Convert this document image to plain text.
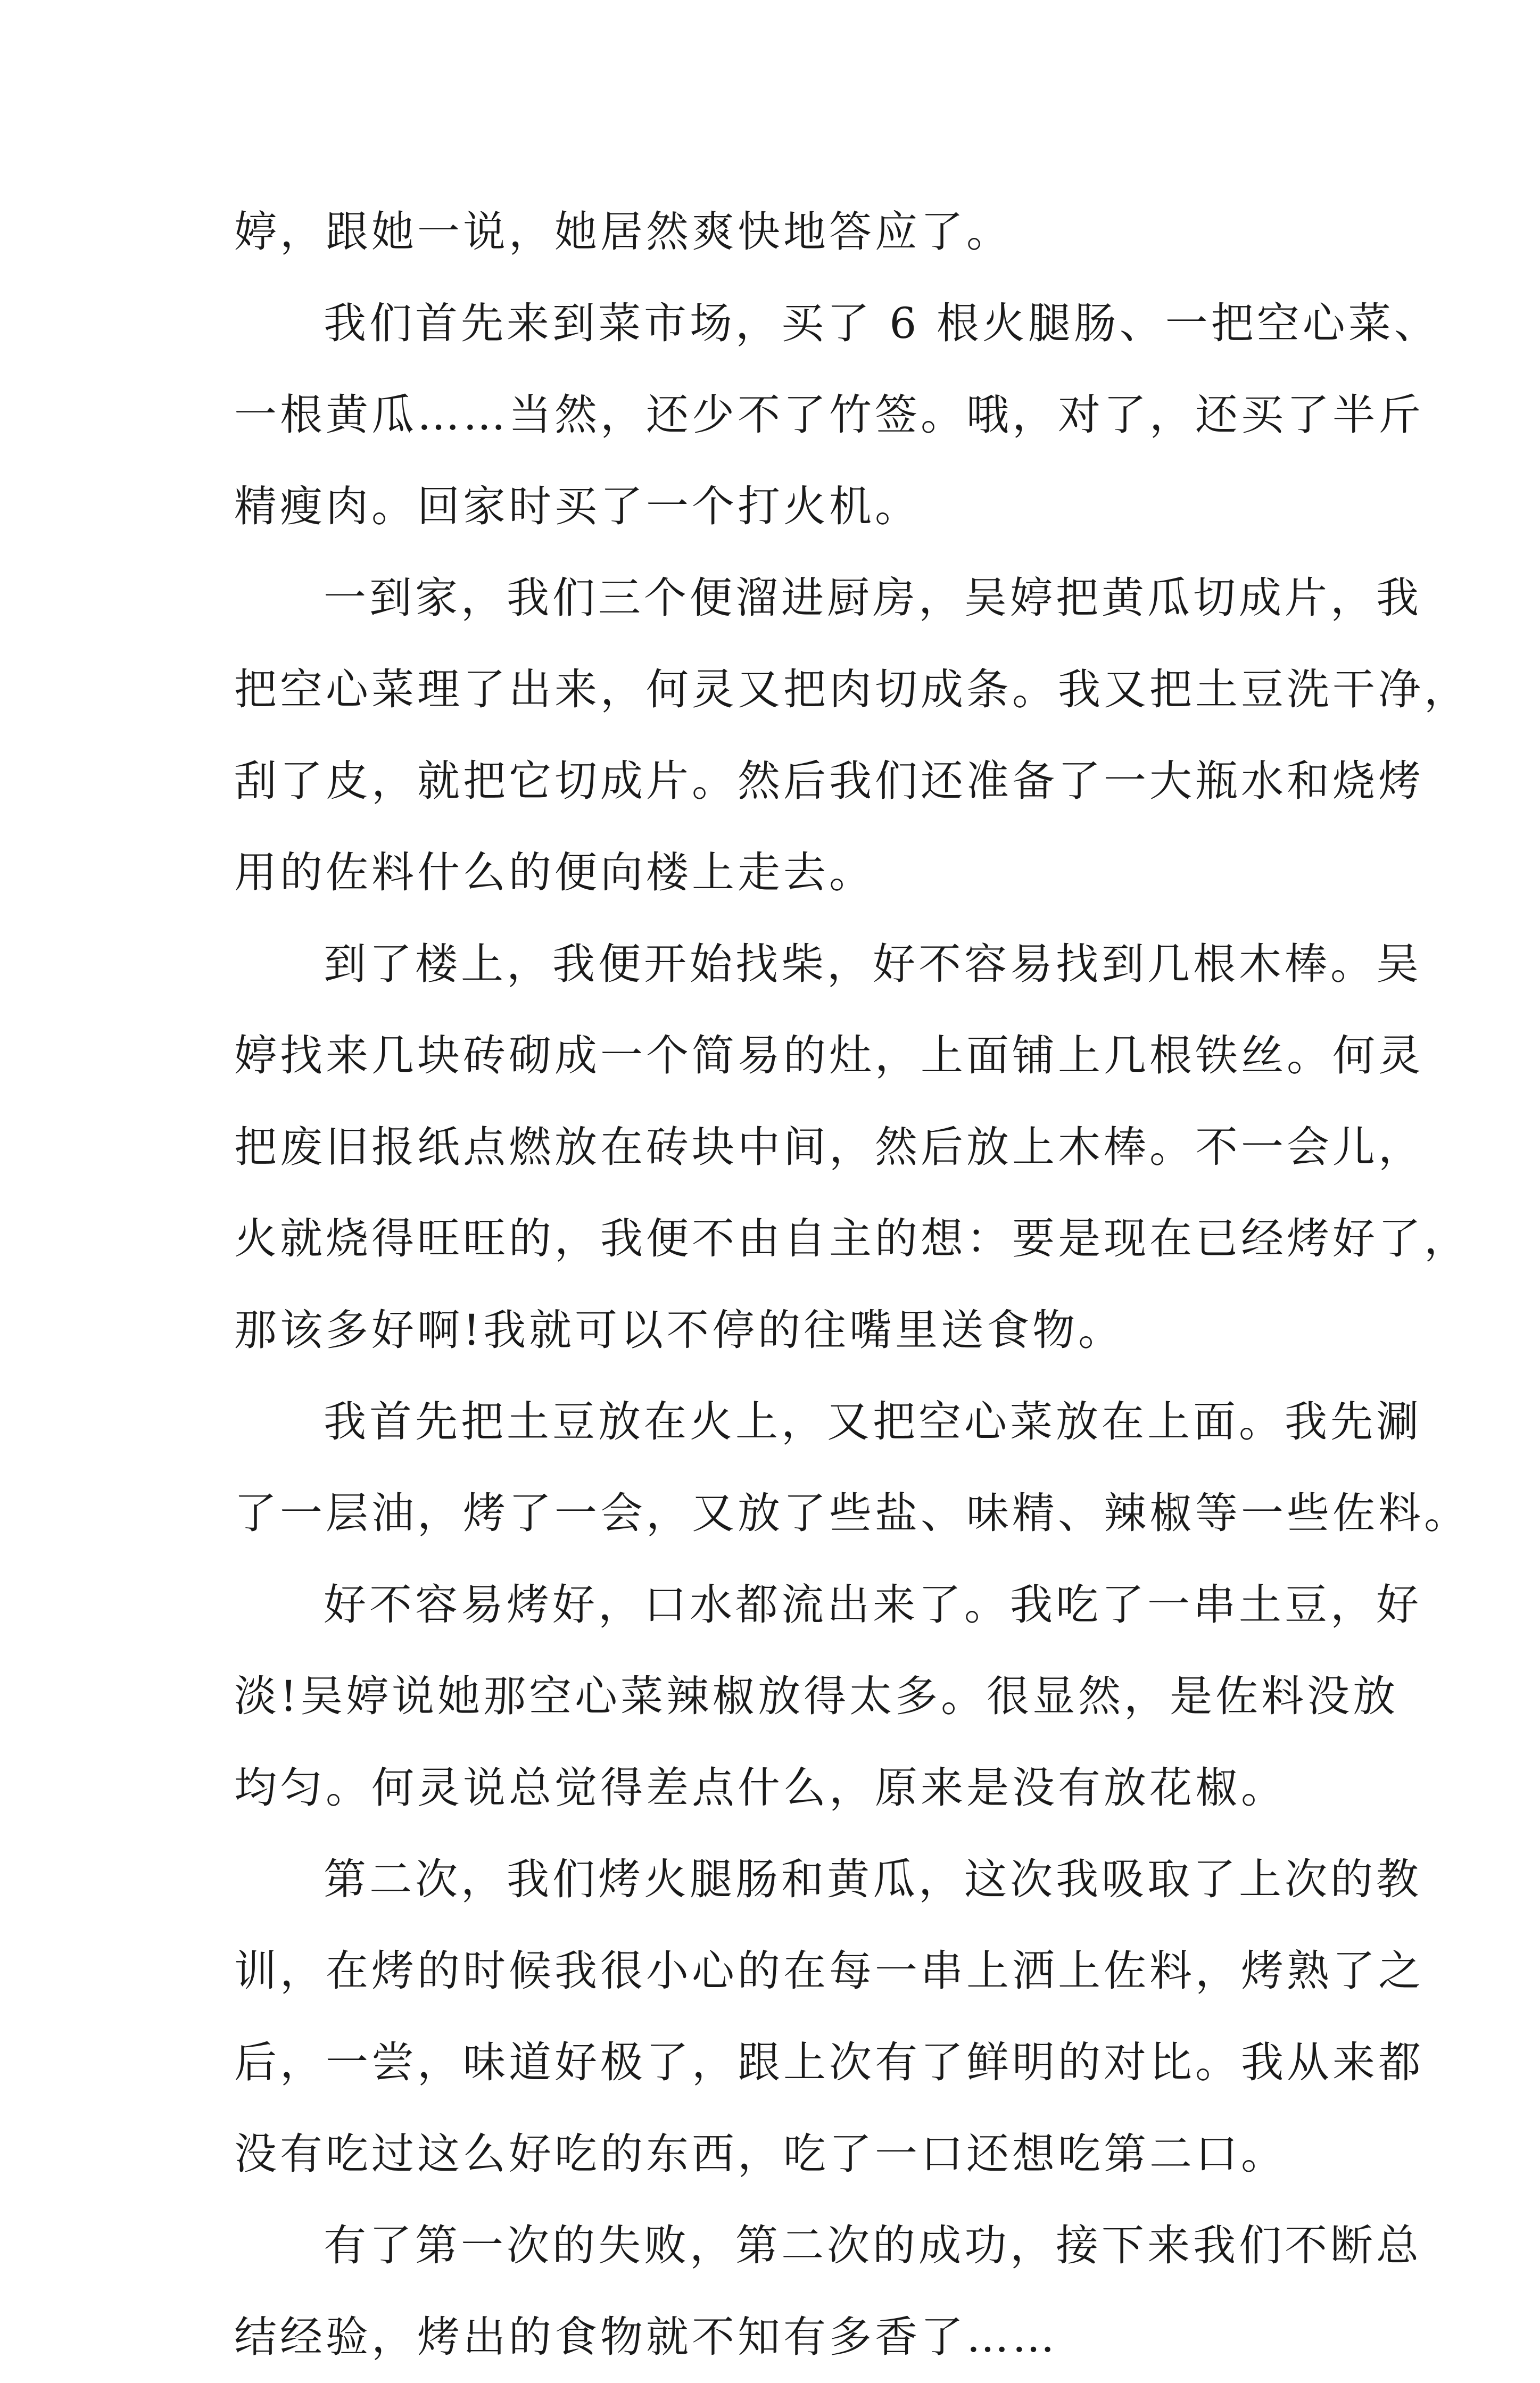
婷，跟她一说，她居然爽快地答应了。
我们首先来到菜市场，买了 6 根火腿肠、一把空心菜、
一根黄瓜……当然，还少不了竹签。哦，对了，还买了半斤
精瘦肉。回家时买了一个打火机。
一到家，我们三个便溜进厨房，吴婷把黄瓜切成片，我
把空心菜理了出来，何灵又把肉切成条。我又把土豆洗干净，
刮了皮，就把它切成片。然后我们还准备了一大瓶水和烧烤
用的佐料什么的便向楼上走去。
到了楼上，我便开始找柴，好不容易找到几根木棒。吴
婷找来几块砖砌成一个简易的灶，上面铺上几根铁丝。何灵
把废旧报纸点燃放在砖块中间，然后放上木棒。不一会儿，
火就烧得旺旺的，我便不由自主的想：要是现在已经烤好了，
那该多好啊!我就可以不停的往嘴里送食物。
我首先把土豆放在火上，又把空心菜放在上面。我先涮
了一层油，烤了一会，又放了些盐、味精、辣椒等一些佐料。
好不容易烤好，口水都流出来了。我吃了一串土豆，好
淡!吴婷说她那空心菜辣椒放得太多。很显然，是佐料没放
均匀。何灵说总觉得差点什么，原来是没有放花椒。
第二次，我们烤火腿肠和黄瓜，这次我吸取了上次的教
训，在烤的时候我很小心的在每一串上洒上佐料，烤熟了之
后，一尝，味道好极了，跟上次有了鲜明的对比。我从来都
没有吃过这么好吃的东西，吃了一口还想吃第二口。
有了第一次的失败，第二次的成功，接下来我们不断总
结经验，烤出的食物就不知有多香了……
